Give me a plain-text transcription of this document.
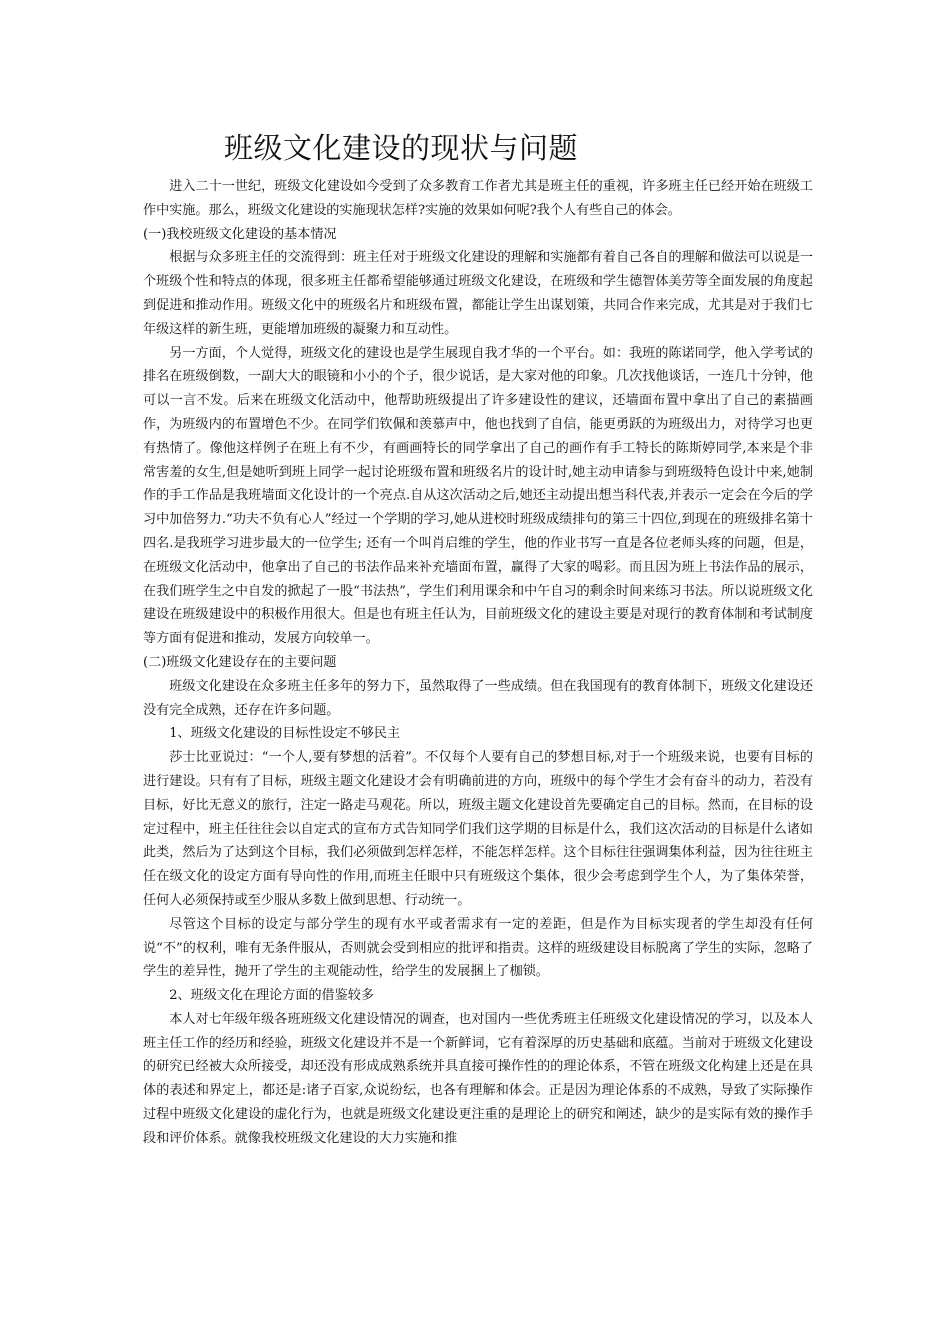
班级文化建设的现状与问题

进入二十一世纪，班级文化建设如今受到了众多教育工作者尤其是班主任的重视，许多班主任已经开始在班级工作中实施。那么，班级文化建设的实施现状怎样?实施的效果如何呢?我个人有些自己的体会。

(一)我校班级文化建设的基本情况

根据与众多班主任的交流得到：班主任对于班级文化建设的理解和实施都有着自己各自的理解和做法可以说是一个班级个性和特点的体现，很多班主任都希望能够通过班级文化建设，在班级和学生德智体美劳等全面发展的角度起到促进和推动作用。班级文化中的班级名片和班级布置，都能让学生出谋划策，共同合作来完成，尤其是对于我们七年级这样的新生班，更能增加班级的凝聚力和互动性。

另一方面，个人觉得，班级文化的建设也是学生展现自我才华的一个平台。如：我班的陈诺同学，他入学考试的排名在班级倒数，一副大大的眼镜和小小的个子，很少说话，是大家对他的印象。几次找他谈话，一连几十分钟，他可以一言不发。后来在班级文化活动中，他帮助班级提出了许多建设性的建议，还墙面布置中拿出了自己的素描画作，为班级内的布置增色不少。在同学们钦佩和羡慕声中，他也找到了自信，能更勇跃的为班级出力，对待学习也更有热情了。像他这样例子在班上有不少，有画画特长的同学拿出了自己的画作有手工特长的陈斯婷同学,本来是个非常害羞的女生,但是她听到班上同学一起讨论班级布置和班级名片的设计时,她主动申请参与到班级特色设计中来,她制作的手工作品是我班墙面文化设计的一个亮点.自从这次活动之后,她还主动提出想当科代表,并表示一定会在今后的学习中加倍努力.“功夫不负有心人”经过一个学期的学习,她从进校时班级成绩排句的第三十四位,到现在的班级排名第十四名.是我班学习进步最大的一位学生; 还有一个叫肖启维的学生，他的作业书写一直是各位老师头疼的问题，但是，在班级文化活动中，他拿出了自己的书法作品来补充墙面布置，赢得了大家的喝彩。而且因为班上书法作品的展示，在我们班学生之中自发的掀起了一股“书法热”，学生们利用课余和中午自习的剩余时间来练习书法。所以说班级文化建设在班级建设中的积极作用很大。但是也有班主任认为，目前班级文化的建设主要是对现行的教育体制和考试制度等方面有促进和推动，发展方向较单一。

(二)班级文化建设存在的主要问题

班级文化建设在众多班主任多年的努力下，虽然取得了一些成绩。但在我国现有的教育体制下，班级文化建设还没有完全成熟，还存在许多问题。

1、班级文化建设的目标性设定不够民主

莎士比亚说过：“一个人,要有梦想的活着”。不仅每个人要有自己的梦想目标,对于一个班级来说，也要有目标的进行建设。只有有了目标，班级主题文化建设才会有明确前进的方向，班级中的每个学生才会有奋斗的动力，若没有目标，好比无意义的旅行，注定一路走马观花。所以，班级主题文化建设首先要确定自己的目标。然而，在目标的设定过程中，班主任往往会以自定式的宣布方式告知同学们我们这学期的目标是什么，我们这次活动的目标是什么诸如此类，然后为了达到这个目标，我们必须做到怎样怎样，不能怎样怎样。这个目标往往强调集体利益，因为往往班主任在级文化的设定方面有导向性的作用,而班主任眼中只有班级这个集体，很少会考虑到学生个人，为了集体荣誉，任何人必须保持或至少服从多数上做到思想、行动统一。

尽管这个目标的设定与部分学生的现有水平或者需求有一定的差距，但是作为目标实现者的学生却没有任何说“不”的权利，唯有无条件服从，否则就会受到相应的批评和指责。这样的班级建设目标脱离了学生的实际，忽略了学生的差异性，抛开了学生的主观能动性，给学生的发展捆上了枷锁。

2、班级文化在理论方面的借鉴较多

本人对七年级年级各班班级文化建设情况的调查，也对国内一些优秀班主任班级文化建设情况的学习，以及本人班主任工作的经历和经验，班级文化建设并不是一个新鲜词，它有着深厚的历史基础和底蕴。当前对于班级文化建设的研究已经被大众所接受，却还没有形成成熟系统并具直接可操作性的的理论体系，不管在班级文化构建上还是在具体的表述和界定上，都还是:诸子百家,众说纷纭，也各有理解和体会。正是因为理论体系的不成熟，导致了实际操作过程中班级文化建设的虚化行为，也就是班级文化建设更注重的是理论上的研究和阐述，缺少的是实际有效的操作手段和评价体系。就像我校班级文化建设的大力实施和推
